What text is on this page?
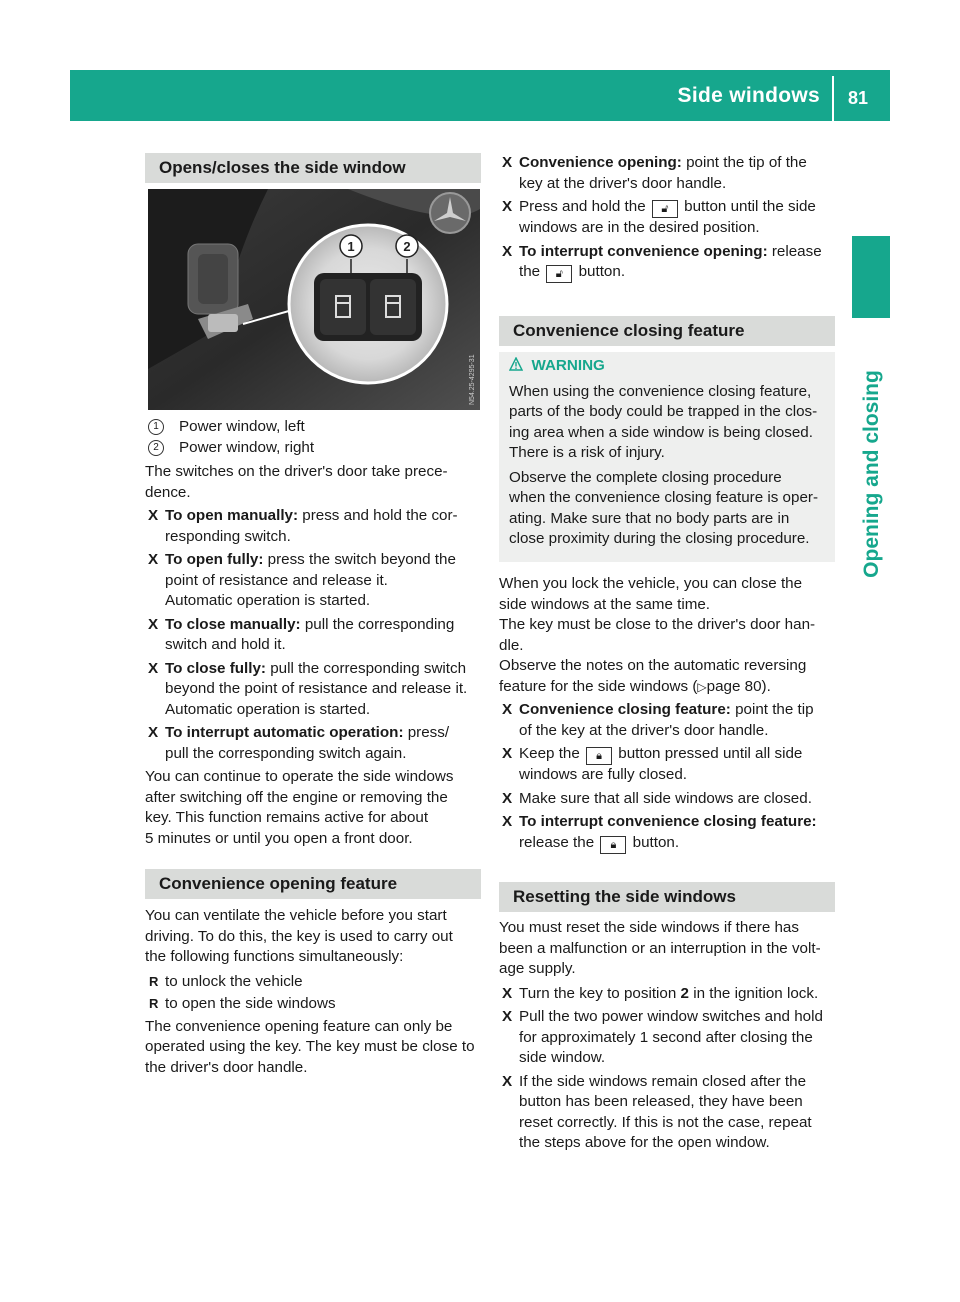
Side windows 81
Opening and closing
Opens/closes the side window
1	2
N54.25-4295-31

1 Power window, left

2 Power window, right

The switches on the driver's door take prece-

dence.

X To open manually: press and hold the cor-
responding switch.
X To open fully: press the switch beyond the
point of resistance and release it.
Automatic operation is started.
X To close manually: pull the corresponding
switch and hold it.
X To close fully: pull the corresponding switch
beyond the point of resistance and release it.
Automatic operation is started.
X To interrupt automatic operation: press/
pull the corresponding switch again.

You can continue to operate the side windows

after switching off the engine or removing the

key. This function remains active for about

5 minutes or until you open a front door.

Convenience opening feature

You can ventilate the vehicle before you start

driving. To do this, the key is used to carry out

the following functions simultaneously:

R to unlock the vehicle
R to open the side windows

The convenience opening feature can only be

operated using the key. The key must be close to

the driver's door handle.

X Convenience opening: point the tip of the
key at the driver's door handle.
X Press and hold the 🔓︎ button until the side
windows are in the desired position.
X To interrupt convenience opening: release
the 🔓︎ button.
Convenience closing feature

WARNING

When using the convenience closing feature,

parts of the body could be trapped in the clos-

ing area when a side window is being closed.

There is a risk of injury.

Observe the complete closing procedure

when the convenience closing feature is oper-

ating. Make sure that no body parts are in

close proximity during the closing procedure.

When you lock the vehicle, you can close the

side windows at the same time.

The key must be close to the driver's door han-

dle.

Observe the notes on the automatic reversing

feature for the side windows (▷page 80).

X Convenience closing feature: point the tip
of the key at the driver's door handle.
X Keep the 🔒︎ button pressed until all side
windows are fully closed.
X Make sure that all side windows are closed.
X To interrupt convenience closing feature:
release the 🔒︎ button.
Resetting the side windows

You must reset the side windows if there has

been a malfunction or an interruption in the volt-

age supply.

X Turn the key to position 2 in the ignition lock.
X Pull the two power window switches and hold
for approximately 1 second after closing the
side window.
X If the side windows remain closed after the
button has been released, they have been
reset correctly. If this is not the case, repeat
the steps above for the open window.
